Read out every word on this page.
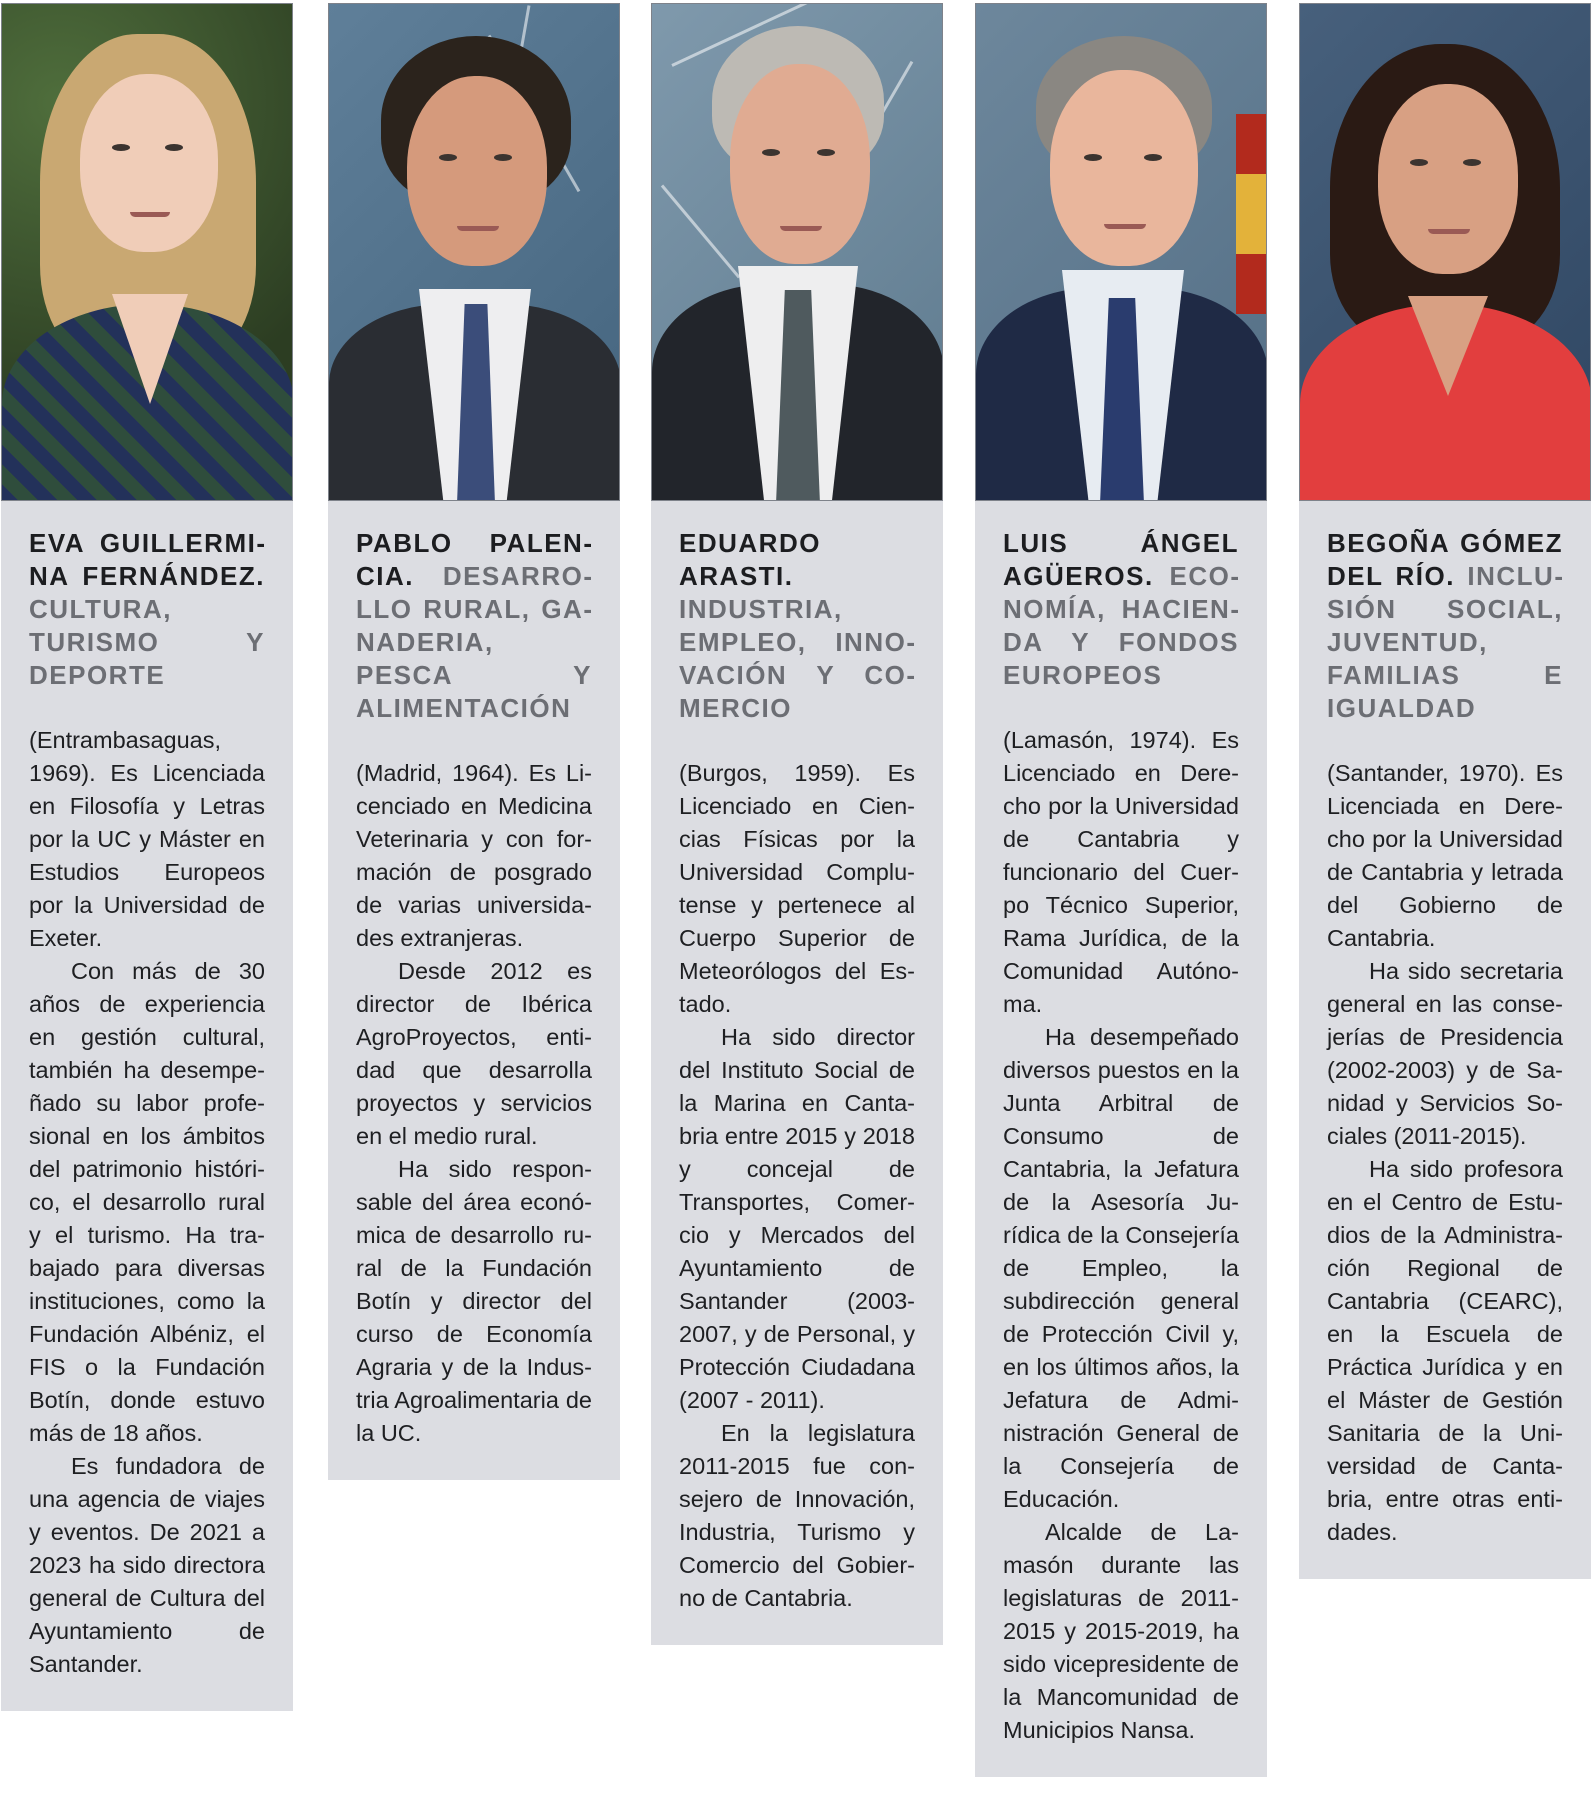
EVA GUILLERMINA FERNÁNDEZ. CULTURA, TURISMO Y DEPORTE

(Entrambasaguas, 1969). Es Licenciada en Filosofía y Letras por la UC y Máster en Estudios Europeos por la Universidad de Exeter.

Con más de 30 años de experiencia en gestión cultural, también ha desempeñado su labor profesional en los ámbitos del patrimonio histórico, el desarrollo rural y el turismo. Ha trabajado para diversas instituciones, como la Fundación Albéniz, el FIS o la Fundación Botín, donde estuvo más de 18 años.

Es fundadora de una agencia de viajes y eventos. De 2021 a 2023 ha sido directora general de Cultura del Ayuntamiento de Santander.

PABLO PALENCIA. DESARROLLO RURAL, GANADERIA, PESCA Y ALIMENTACIÓN

(Madrid, 1964). Es Licenciado en Medicina Veterinaria y con formación de posgrado de varias universidades extranjeras.

Desde 2012 es director de Ibérica AgroProyectos, entidad que desarrolla proyectos y servicios en el medio rural.

Ha sido responsable del área económica de desarrollo rural de la Fundación Botín y director del curso de Economía Agraria y de la Industria Agroalimentaria de la UC.

EDUARDO ARASTI. INDUSTRIA, EMPLEO, INNOVACIÓN Y COMERCIO

(Burgos, 1959). Es Licenciado en Ciencias Físicas por la Universidad Complutense y pertenece al Cuerpo Superior de Meteorólogos del Estado.

Ha sido director del Instituto Social de la Marina en Cantabria entre 2015 y 2018 y concejal de Transportes, Comercio y Mercados del Ayuntamiento de Santander (2003-2007, y de Personal, y Protección Ciudadana (2007 - 2011).

En la legislatura 2011-2015 fue consejero de Innovación, Industria, Turismo y Comercio del Gobierno de Cantabria.

LUIS ÁNGEL AGÜEROS. ECONOMÍA, HACIENDA Y FONDOS EUROPEOS

(Lamasón, 1974). Es Licenciado en Derecho por la Universidad de Cantabria y funcionario del Cuerpo Técnico Superior, Rama Jurídica, de la Comunidad Autónoma.

Ha desempeñado diversos puestos en la Junta Arbitral de Consumo de Cantabria, la Jefatura de la Asesoría Jurídica de la Consejería de Empleo, la subdirección general de Protección Civil y, en los últimos años, la Jefatura de Administración General de la Consejería de Educación.

Alcalde de Lamasón durante las legislaturas de 2011-2015 y 2015-2019, ha sido vicepresidente de la Mancomunidad de Municipios Nansa.

BEGOÑA GÓMEZ DEL RÍO. INCLUSIÓN SOCIAL, JUVENTUD, FAMILIAS E IGUALDAD

(Santander, 1970). Es Licenciada en Derecho por la Universidad de Cantabria y letrada del Gobierno de Cantabria.

Ha sido secretaria general en las consejerías de Presidencia (2002-2003) y de Sanidad y Servicios Sociales (2011-2015).

Ha sido profesora en el Centro de Estudios de la Administración Regional de Cantabria (CEARC), en la Escuela de Práctica Jurídica y en el Máster de Gestión Sanitaria de la Universidad de Cantabria, entre otras entidades.
